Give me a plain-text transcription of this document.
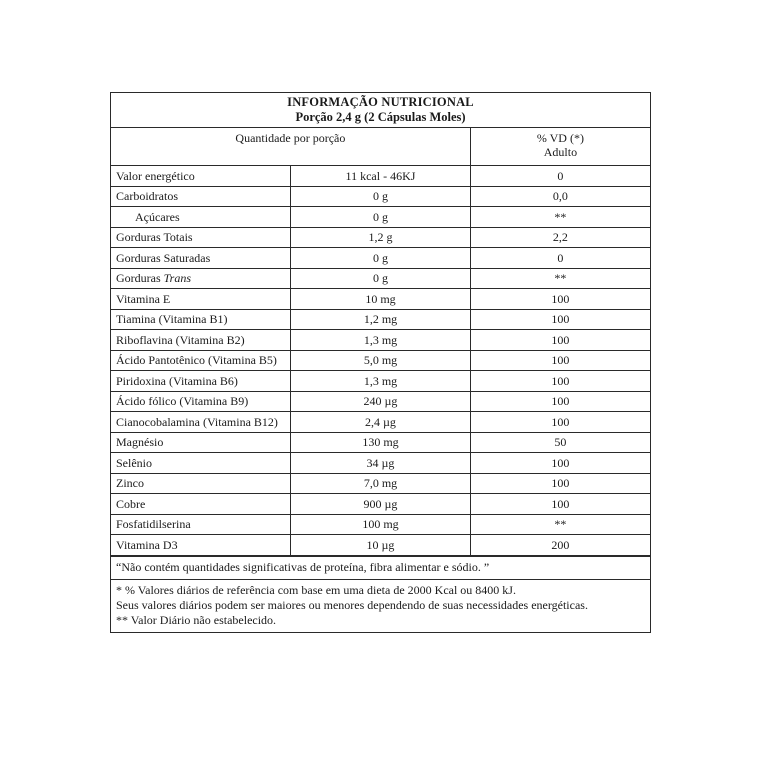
INFORMAÇÃO NUTRICIONAL
Porção 2,4 g (2 Cápsulas Moles)
Quantidade por porção		% VD (*)
Adulto

Valor energético	11 kcal - 46KJ	0
Carboidratos	0 g	0,0
Açúcares	0 g	**
Gorduras Totais	1,2 g	2,2
Gorduras Saturadas	0 g	0
Gorduras Trans	0 g	**
Vitamina E	10 mg	100
Tiamina (Vitamina B1)	1,2 mg	100
Riboflavina (Vitamina B2)	1,3 mg	100
Ácido Pantotênico (Vitamina B5)	5,0 mg	100
Piridoxina (Vitamina B6)	1,3 mg	100
Ácido fólico (Vitamina B9)	240 µg	100
Cianocobalamina (Vitamina B12)	2,4 µg	100
Magnésio	130 mg	50
Selênio	34 µg	100
Zinco	7,0 mg	100
Cobre	900 µg	100
Fosfatidilserina	100 mg	**
Vitamina D3	10 µg	200
“Não contém quantidades significativas de proteína, fibra alimentar e sódio. ”
* % Valores diários de referência com base em uma dieta de 2000 Kcal ou 8400 kJ.
Seus valores diários podem ser maiores ou menores dependendo de suas necessidades energéticas.
** Valor Diário não estabelecido.
